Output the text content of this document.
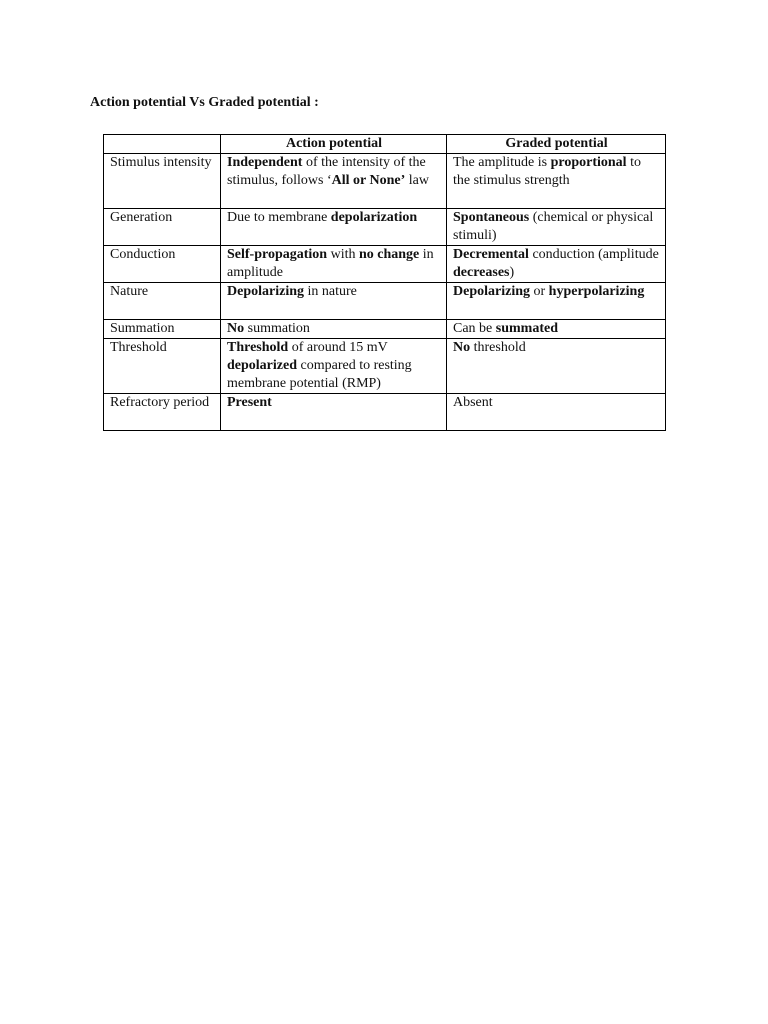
Action potential Vs Graded potential :
	Action potential	Graded potential
Stimulus intensity	Independent of the intensity of the stimulus, follows ‘All or None’ law	The amplitude is proportional to the stimulus strength
Generation	Due to membrane depolarization	Spontaneous (chemical or physical stimuli)
Conduction	Self-propagation with no change in amplitude	Decremental conduction (amplitude decreases)
Nature	Depolarizing in nature	Depolarizing or hyperpolarizing
Summation	No summation	Can be summated
Threshold	Threshold of around 15 mV depolarized compared to resting membrane potential (RMP)	No threshold
Refractory period	Present	Absent
